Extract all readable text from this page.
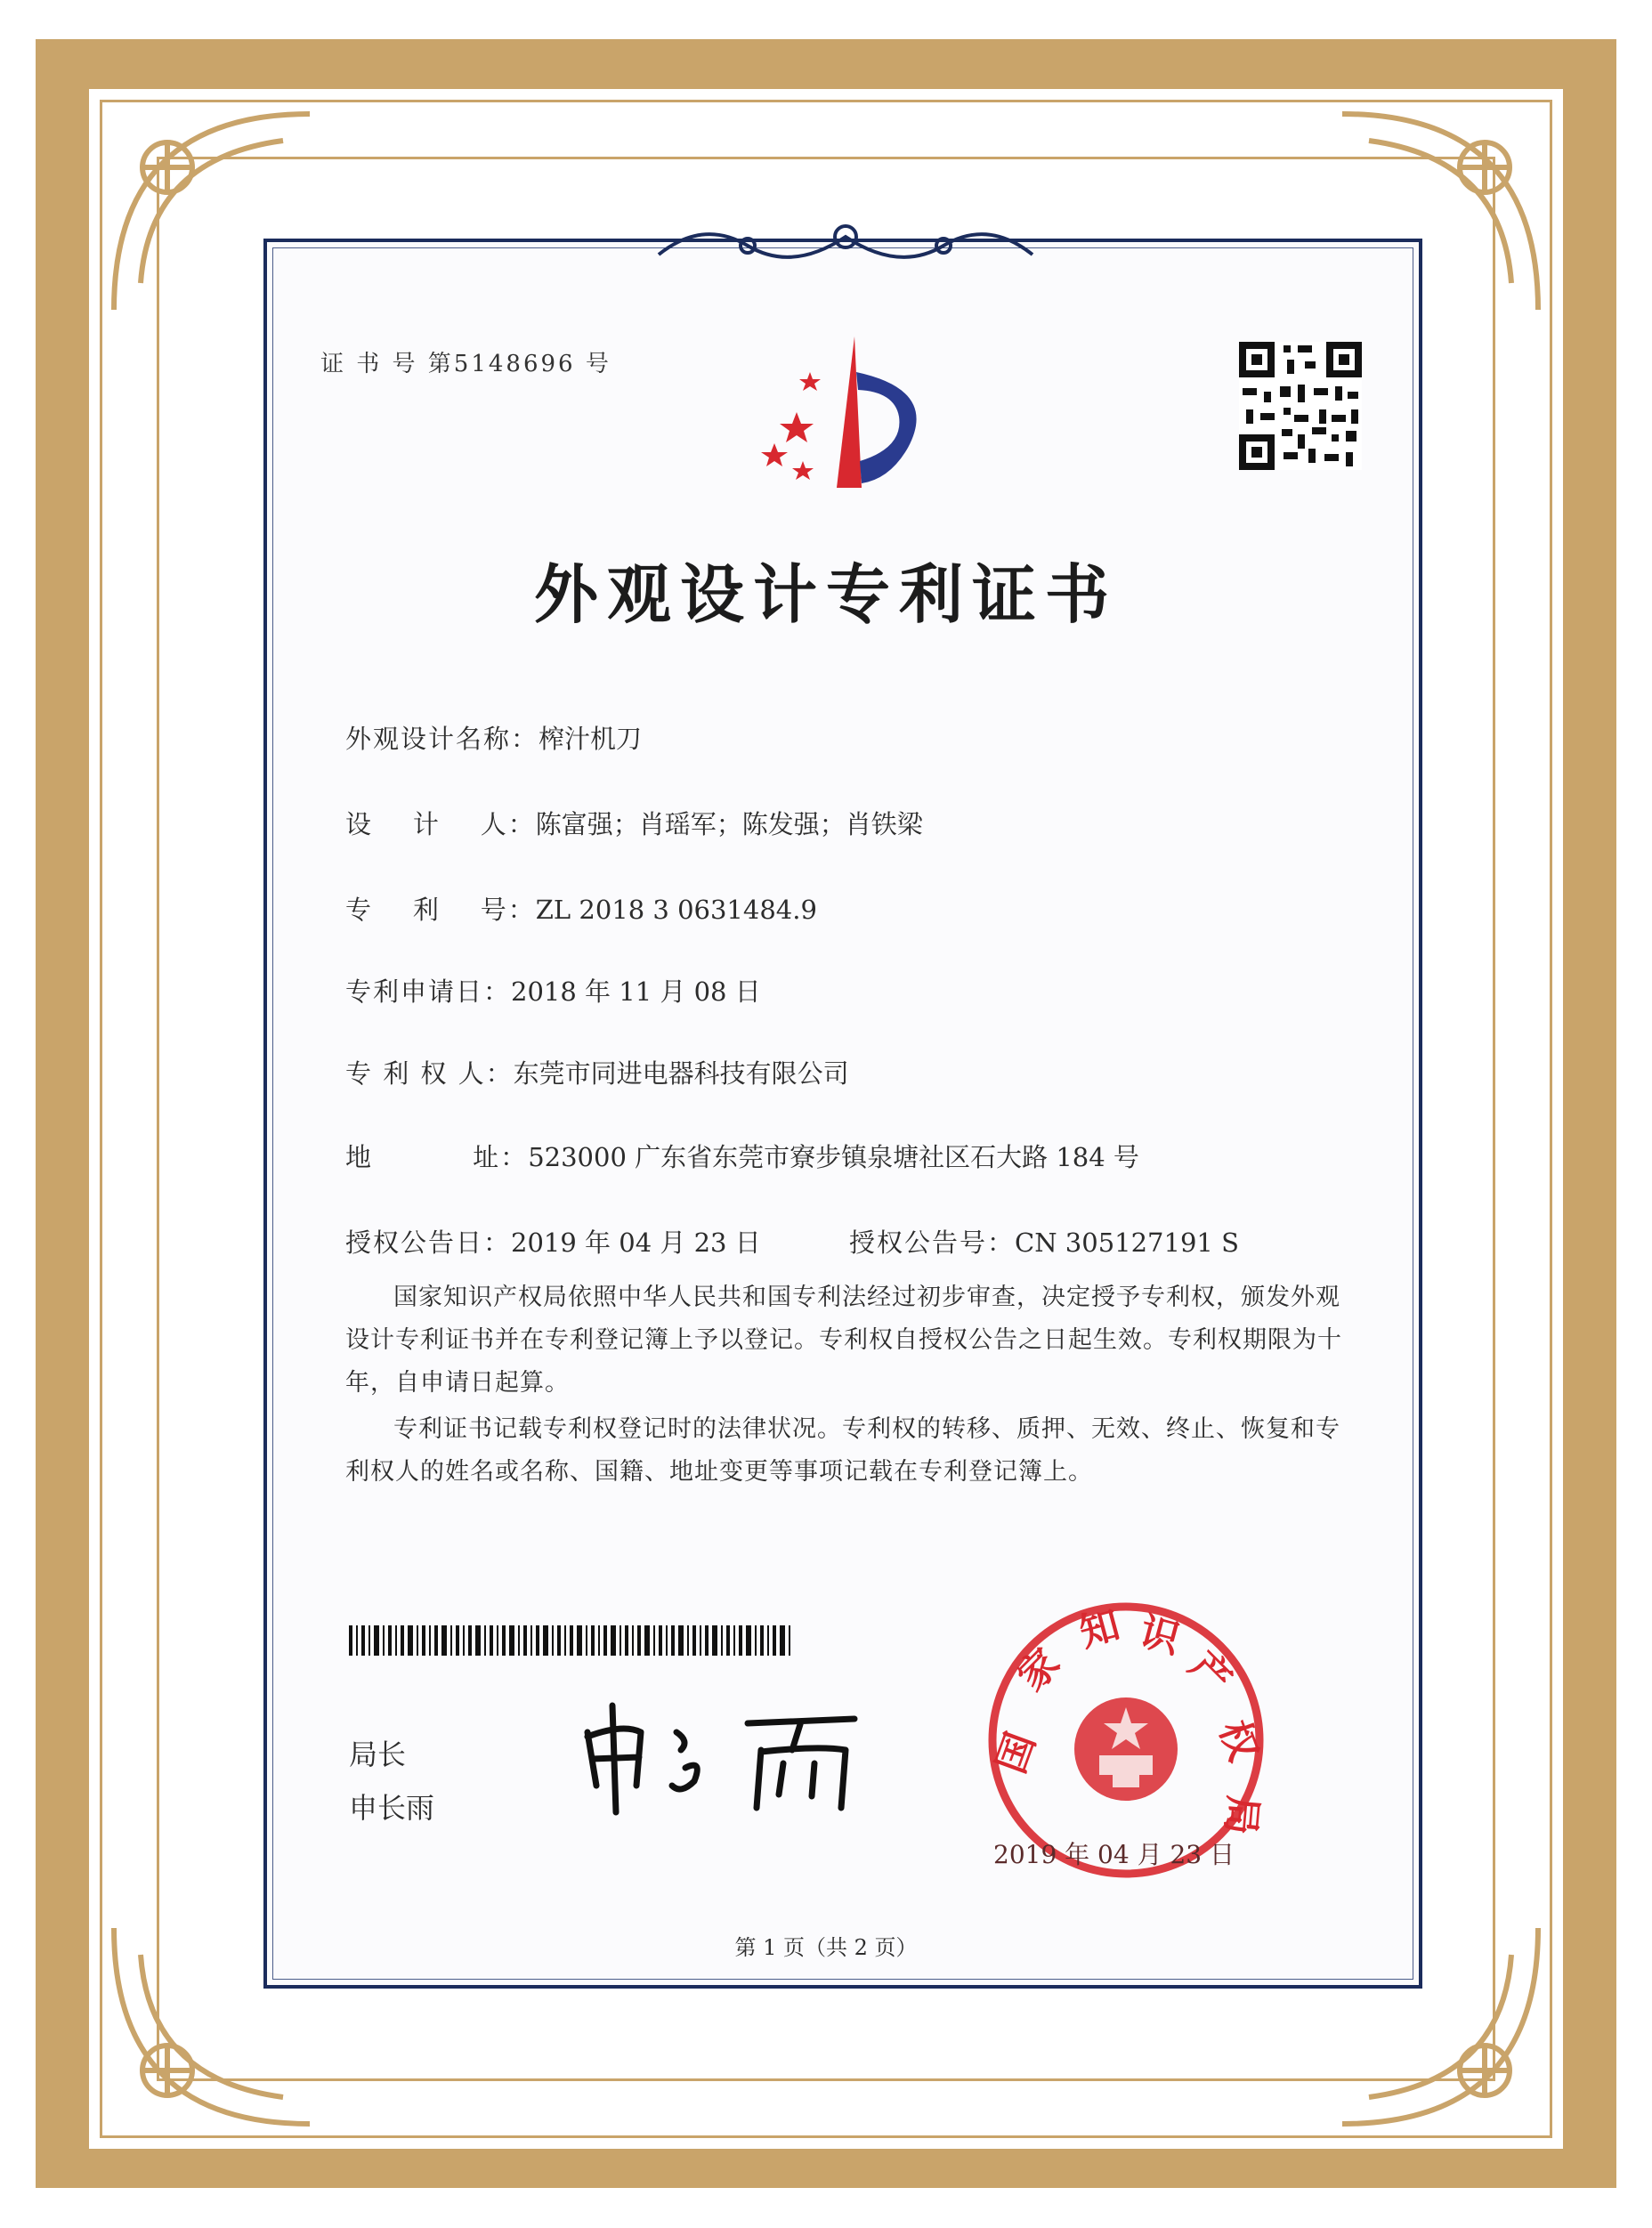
证 书 号 第5148696 号
外观设计专利证书
外观设计名称：榨汁机刀
设    计    人：陈富强；肖瑶军；陈发强；肖铁梁
专    利    号：ZL 2018 3 0631484.9
专利申请日：2018 年 11 月 08 日
专 利 权 人：东莞市同进电器科技有限公司
地          址：523000 广东省东莞市寮步镇泉塘社区石大路 184 号
授权公告日：2019 年 04 月 23 日	授权公告号：CN 305127191 S
国家知识产权局依照中华人民共和国专利法经过初步审查，决定授予专利权，颁发外观设计专利证书并在专利登记簿上予以登记。专利权自授权公告之日起生效。专利权期限为十年，自申请日起算。
专利证书记载专利权登记时的法律状况。专利权的转移、质押、无效、终止、恢复和专利权人的姓名或名称、国籍、地址变更等事项记载在专利登记簿上。
局长
申长雨
国
家
知 识
产
权
局
2019 年 04 月 23 日
第 1 页（共 2 页）
